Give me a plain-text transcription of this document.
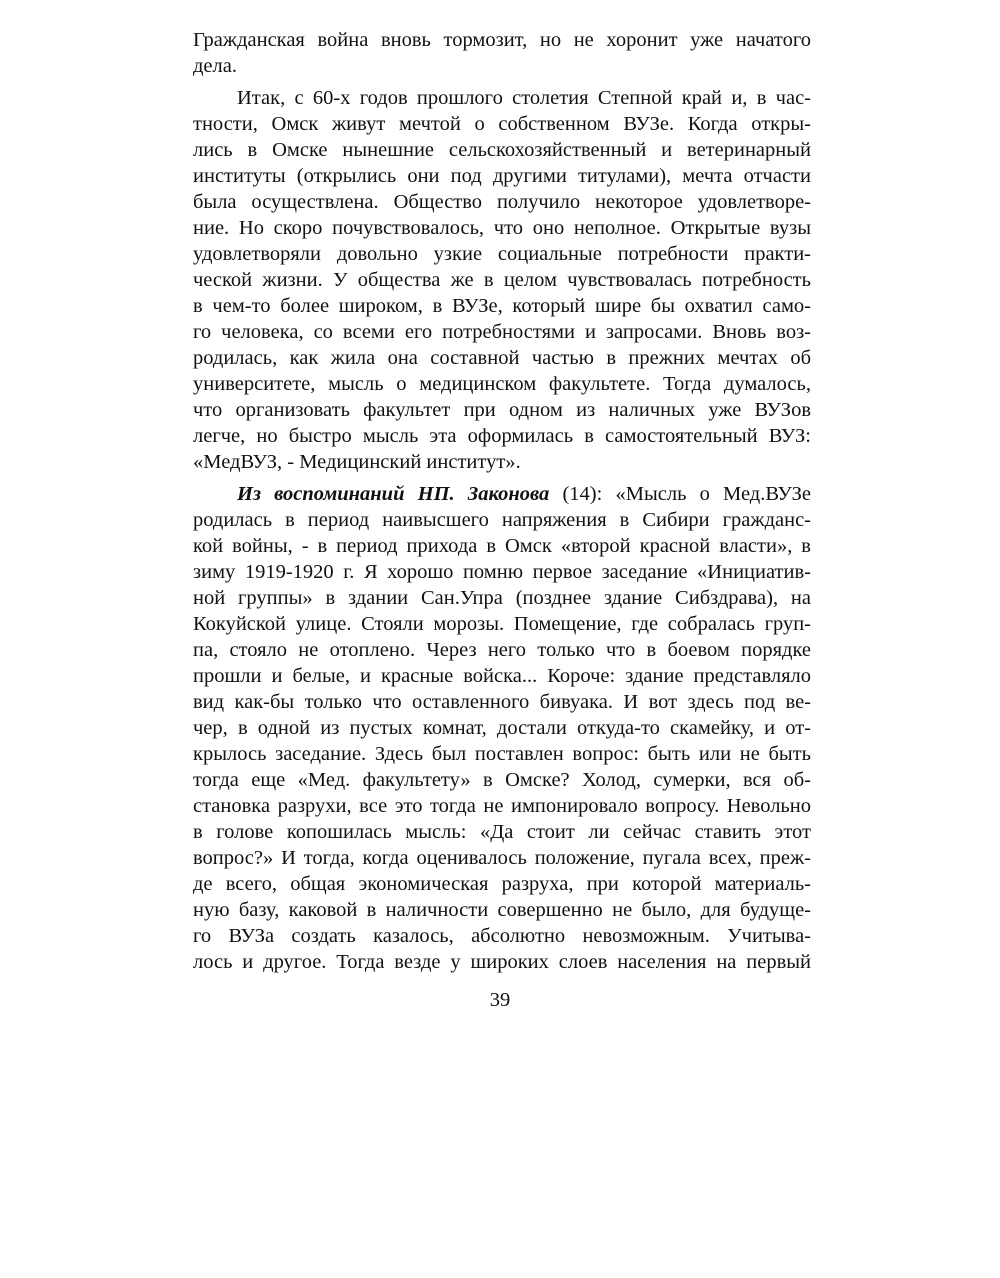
Гражданская война вновь тормозит, но не хоронит уже начатого
дела.
Итак, с 60-х годов прошлого столетия Степной край и, в час-
тности, Омск живут мечтой о собственном ВУЗе. Когда откры-
лись в Омске нынешние сельскохозяйственный и ветеринарный
институты (открылись они под другими титулами), мечта отчасти
была осуществлена. Общество получило некоторое удовлетворе-
ние. Но скоро почувствовалось, что оно неполное. Открытые вузы
удовлетворяли довольно узкие социальные потребности практи-
ческой жизни. У общества же в целом чувствовалась потребность
в чем-то более широком, в ВУЗе, который шире бы охватил само-
го человека, со всеми его потребностями и запросами. Вновь воз-
родилась, как жила она составной частью в прежних мечтах об
университете, мысль о медицинском факультете. Тогда думалось,
что организовать факультет при одном из наличных уже ВУЗов
легче, но быстро мысль эта оформилась в самостоятельный ВУЗ:
«МедВУЗ, - Медицинский институт».
Из воспоминаний НП. Законова (14): «Мысль о Мед.ВУЗе
родилась в период наивысшего напряжения в Сибири гражданс-
кой войны, - в период прихода в Омск «второй красной власти», в
зиму 1919-1920 г. Я хорошо помню первое заседание «Инициатив-
ной группы» в здании Сан.Упра (позднее здание Сибздрава), на
Кокуйской улице. Стояли морозы. Помещение, где собралась груп-
па, стояло не отоплено. Через него только что в боевом порядке
прошли и белые, и красные войска... Короче: здание представляло
вид как-бы только что оставленного бивуака. И вот здесь под ве-
чер, в одной из пустых комнат, достали откуда-то скамейку, и от-
крылось заседание. Здесь был поставлен вопрос: быть или не быть
тогда еще «Мед. факультету» в Омске? Холод, сумерки, вся об-
становка разрухи, все это тогда не импонировало вопросу. Невольно
в голове копошилась мысль: «Да стоит ли сейчас ставить этот
вопрос?» И тогда, когда оценивалось положение, пугала всех, преж-
де всего, общая экономическая разруха, при которой материаль-
ную базу, каковой в наличности совершенно не было, для будуще-
го ВУЗа создать казалось, абсолютно невозможным. Учитыва-
лось и другое. Тогда везде у широких слоев населения на первый
39
